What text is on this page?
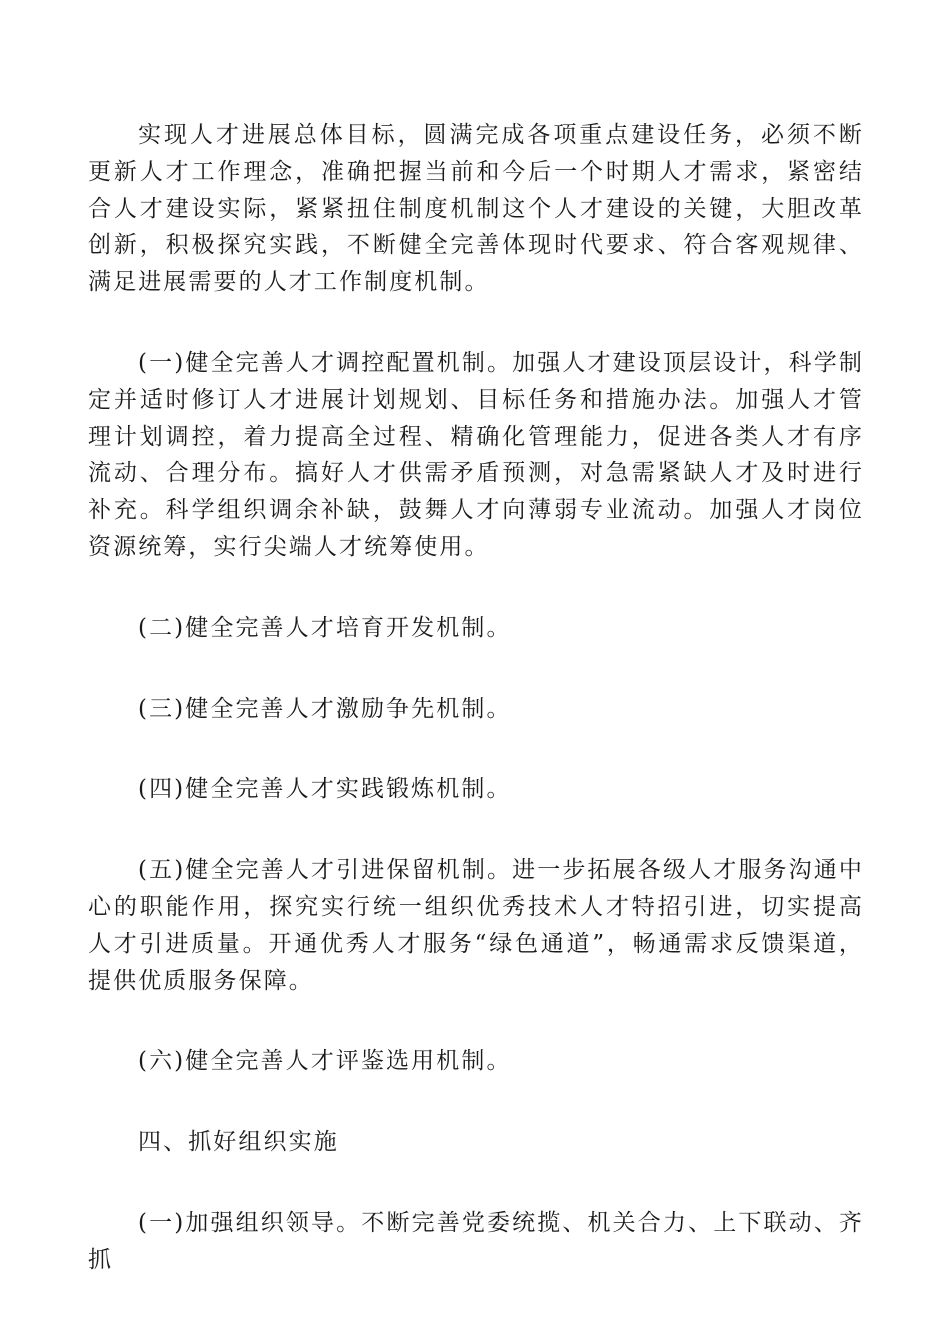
实现人才进展总体目标，圆满完成各项重点建设任务，必须不断更新人才工作理念，准确把握当前和今后一个时期人才需求，紧密结合人才建设实际，紧紧扭住制度机制这个人才建设的关键，大胆改革创新，积极探究实践，不断健全完善体现时代要求、符合客观规律、满足进展需要的人才工作制度机制。

(一)健全完善人才调控配置机制。加强人才建设顶层设计，科学制定并适时修订人才进展计划规划、目标任务和措施办法。加强人才管理计划调控，着力提高全过程、精确化管理能力，促进各类人才有序流动、合理分布。搞好人才供需矛盾预测，对急需紧缺人才及时进行补充。科学组织调余补缺，鼓舞人才向薄弱专业流动。加强人才岗位资源统筹，实行尖端人才统筹使用。

(二)健全完善人才培育开发机制。

(三)健全完善人才激励争先机制。

(四)健全完善人才实践锻炼机制。

(五)健全完善人才引进保留机制。进一步拓展各级人才服务沟通中心的职能作用，探究实行统一组织优秀技术人才特招引进，切实提高人才引进质量。开通优秀人才服务“绿色通道”，畅通需求反馈渠道，提供优质服务保障。

(六)健全完善人才评鉴选用机制。

四、抓好组织实施

(一)加强组织领导。不断完善党委统揽、机关合力、上下联动、齐抓
